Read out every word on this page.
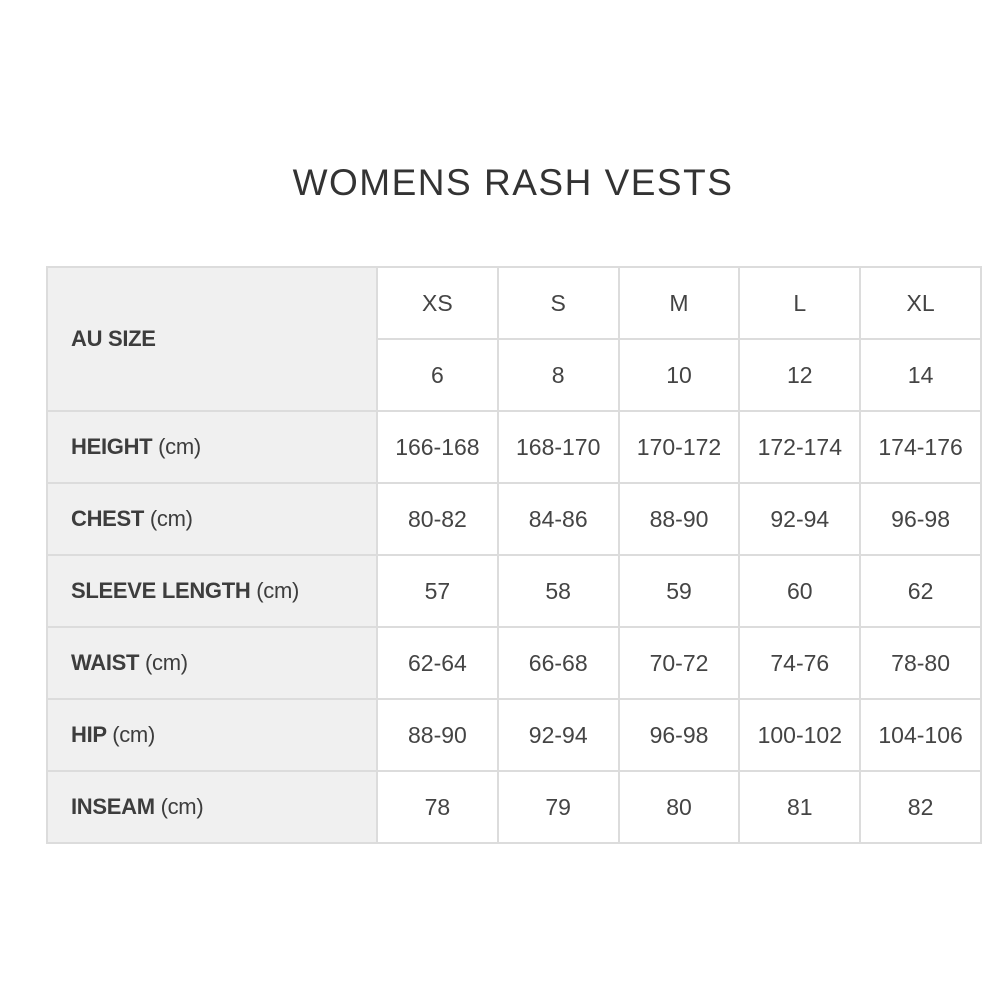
WOMENS RASH VESTS
AU SIZE	XS	S	M	L	XL
	6	8	10	12	14
HEIGHT (cm)	166-168	168-170	170-172	172-174	174-176
CHEST (cm)	80-82	84-86	88-90	92-94	96-98
SLEEVE LENGTH (cm)	57	58	59	60	62
WAIST (cm)	62-64	66-68	70-72	74-76	78-80
HIP (cm)	88-90	92-94	96-98	100-102	104-106
INSEAM (cm)	78	79	80	81	82
